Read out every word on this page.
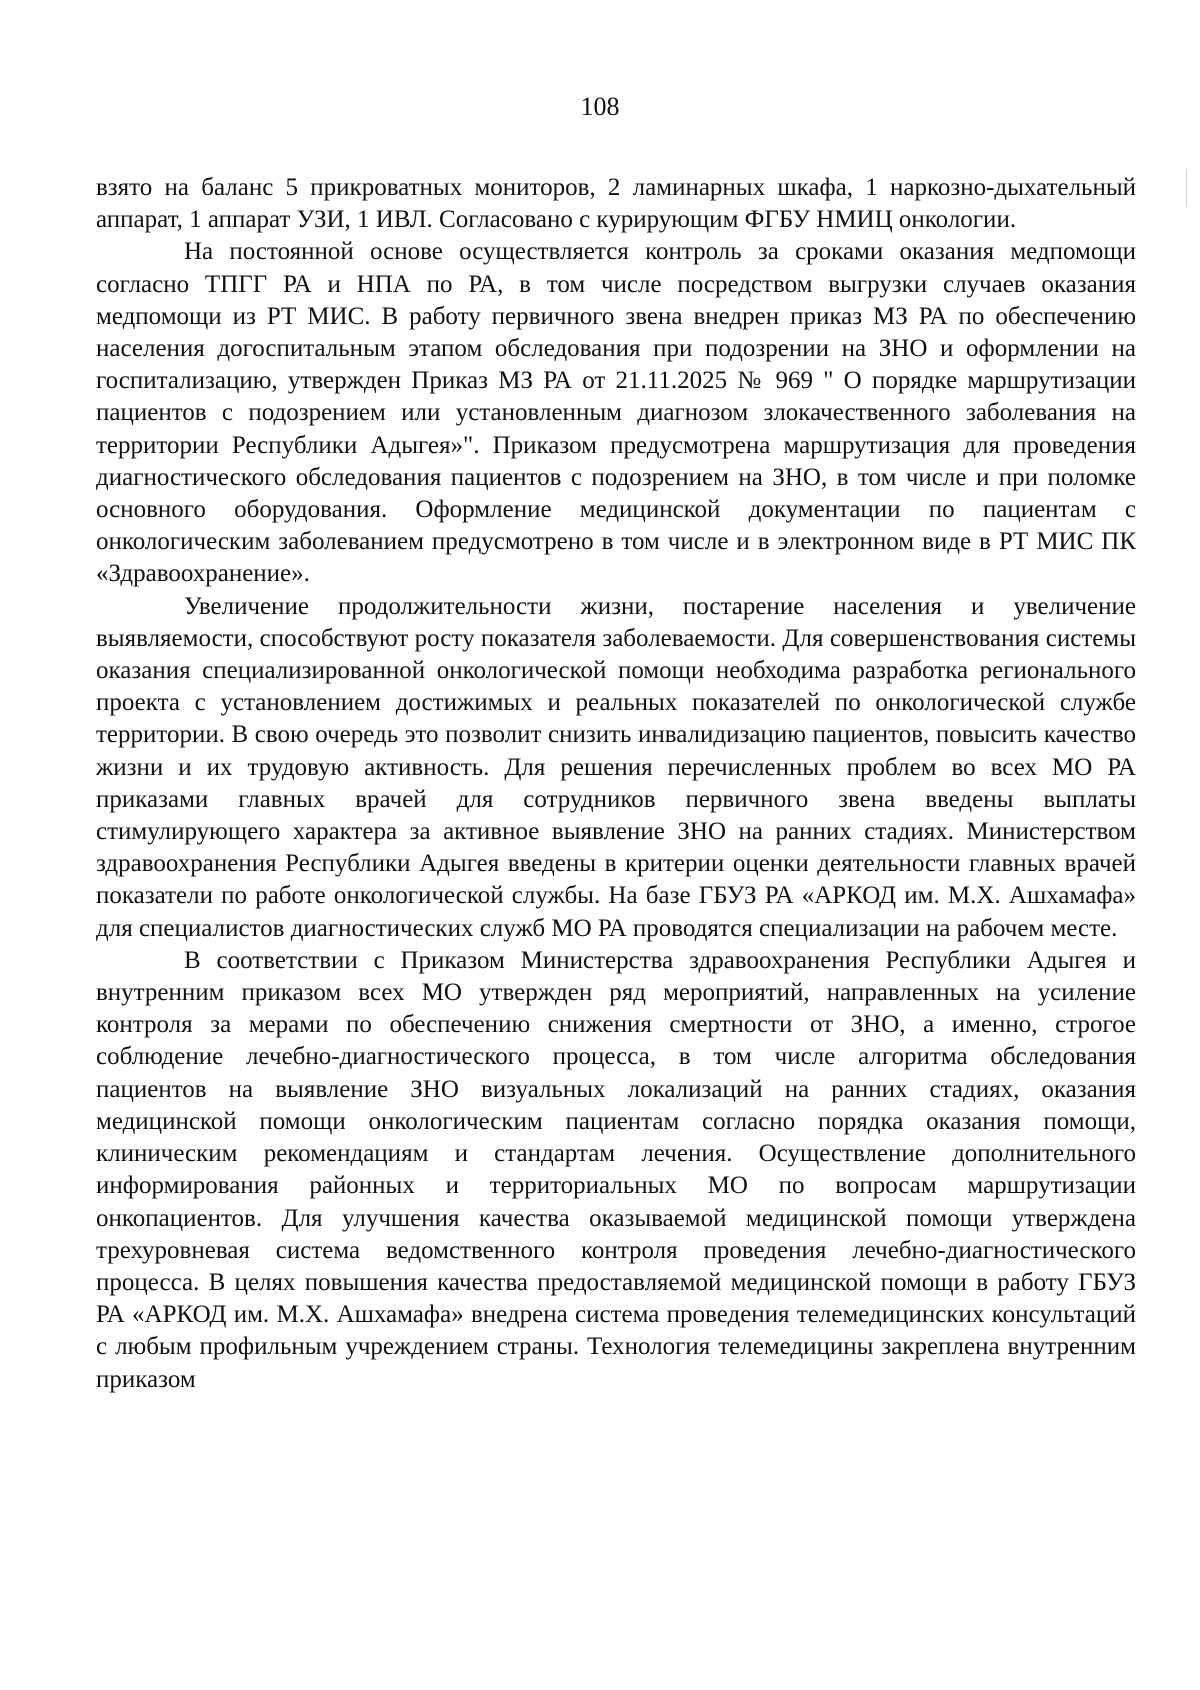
108

взято на баланс 5 прикроватных мониторов, 2 ламинарных шкафа, 1 наркозно-дыхательный аппарат, 1 аппарат УЗИ, 1 ИВЛ. Согласовано с курирующим ФГБУ НМИЦ онкологии.

На постоянной основе осуществляется контроль за сроками оказания медпомощи согласно ТПГГ РА и НПА по РА, в том числе посредством выгрузки случаев оказания медпомощи из РТ МИС. В работу первичного звена внедрен приказ МЗ РА по обеспечению населения догоспитальным этапом обследования при подозрении на ЗНО и оформлении на госпитализацию, утвержден Приказ МЗ РА от 21.11.2025 № 969 " О порядке маршрутизации пациентов с подозрением или установленным диагнозом злокачественного заболевания на территории Республики Адыгея»". Приказом предусмотрена маршрутизация для проведения диагностического обследования пациентов с подозрением на ЗНО, в том числе и при поломке основного оборудования. Оформление медицинской документации по пациентам с онкологическим заболеванием предусмотрено в том числе и в электронном виде в РТ МИС ПК «Здравоохранение».

Увеличение продолжительности жизни, постарение населения и увеличение выявляемости, способствуют росту показателя заболеваемости. Для совершенствования системы оказания специализированной онкологической помощи необходима разработка регионального проекта с установлением достижимых и реальных показателей по онкологической службе территории. В свою очередь это позволит снизить инвалидизацию пациентов, повысить качество жизни и их трудовую активность. Для решения перечисленных проблем во всех МО РА приказами главных врачей для сотрудников первичного звена введены выплаты стимулирующего характера за активное выявление ЗНО на ранних стадиях. Министерством здравоохранения Республики Адыгея введены в критерии оценки деятельности главных врачей показатели по работе онкологической службы. На базе ГБУЗ РА «АРКОД им. М.Х. Ашхамафа» для специалистов диагностических служб МО РА проводятся специализации на рабочем месте.

В соответствии с Приказом Министерства здравоохранения Республики Адыгея и внутренним приказом всех МО утвержден ряд мероприятий, направленных на усиление контроля за мерами по обеспечению снижения смертности от ЗНО, а именно, строгое соблюдение лечебно-диагностического процесса, в том числе алгоритма обследования пациентов на выявление ЗНО визуальных локализаций на ранних стадиях, оказания медицинской помощи онкологическим пациентам согласно порядка оказания помощи, клиническим рекомендациям и стандартам лечения. Осуществление дополнительного информирования районных и территориальных МО по вопросам маршрутизации онкопациентов. Для улучшения качества оказываемой медицинской помощи утверждена трехуровневая система ведомственного контроля проведения лечебно-диагностического процесса. В целях повышения качества предоставляемой медицинской помощи в работу ГБУЗ РА «АРКОД им. М.Х. Ашхамафа» внедрена система проведения телемедицинских консультаций с любым профильным учреждением страны. Технология телемедицины закреплена внутренним приказом
